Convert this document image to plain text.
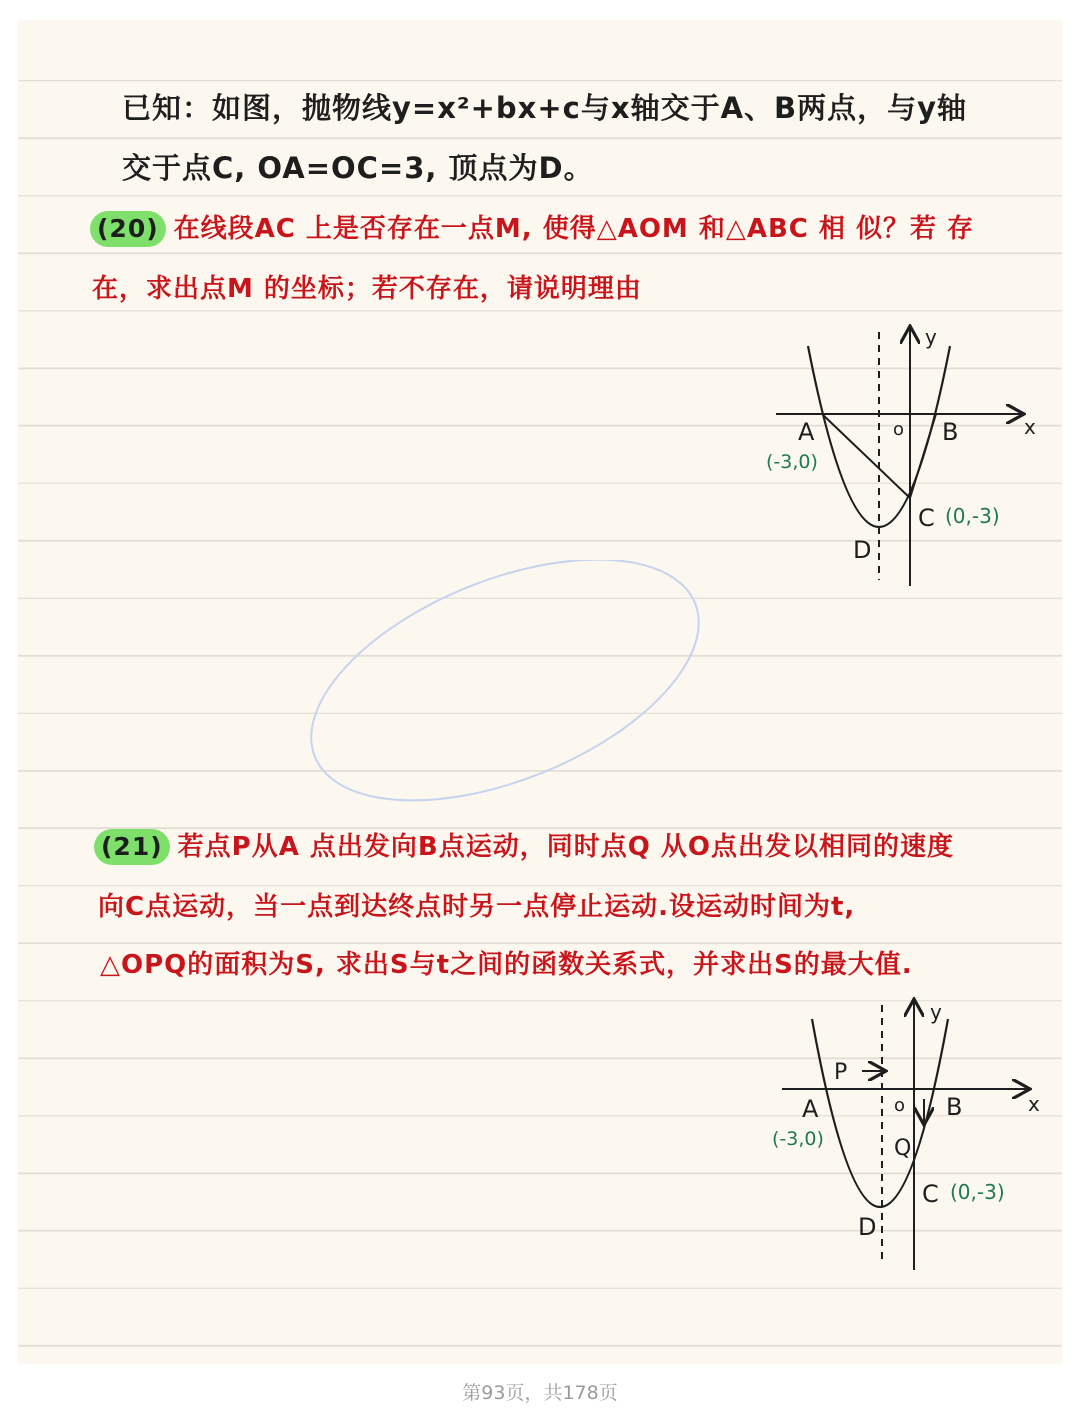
已知：如图，抛物线y=x²+bx+c与x轴交于A、B两点，与y轴

交于点C, OA=OC=3, 顶点为D。

(20) 在线段AC 上是否存在一点M, 使得△AOM 和△ABC 相 似？若 存

在，求出点M 的坐标；若不存在，请说明理由

y
x
o
A
(-3,0)
B
C (0,-3)
D

(21) 若点P从A 点出发向B点运动，同时点Q 从O点出发以相同的速度

向C点运动，当一点到达终点时另一点停止运动.设运动时间为t,

△OPQ的面积为S, 求出S与t之间的函数关系式，并求出S的最大值.

y
x
o
P
A
(-3,0)
B
Q
C (0,-3)
D
第93页，共178页
